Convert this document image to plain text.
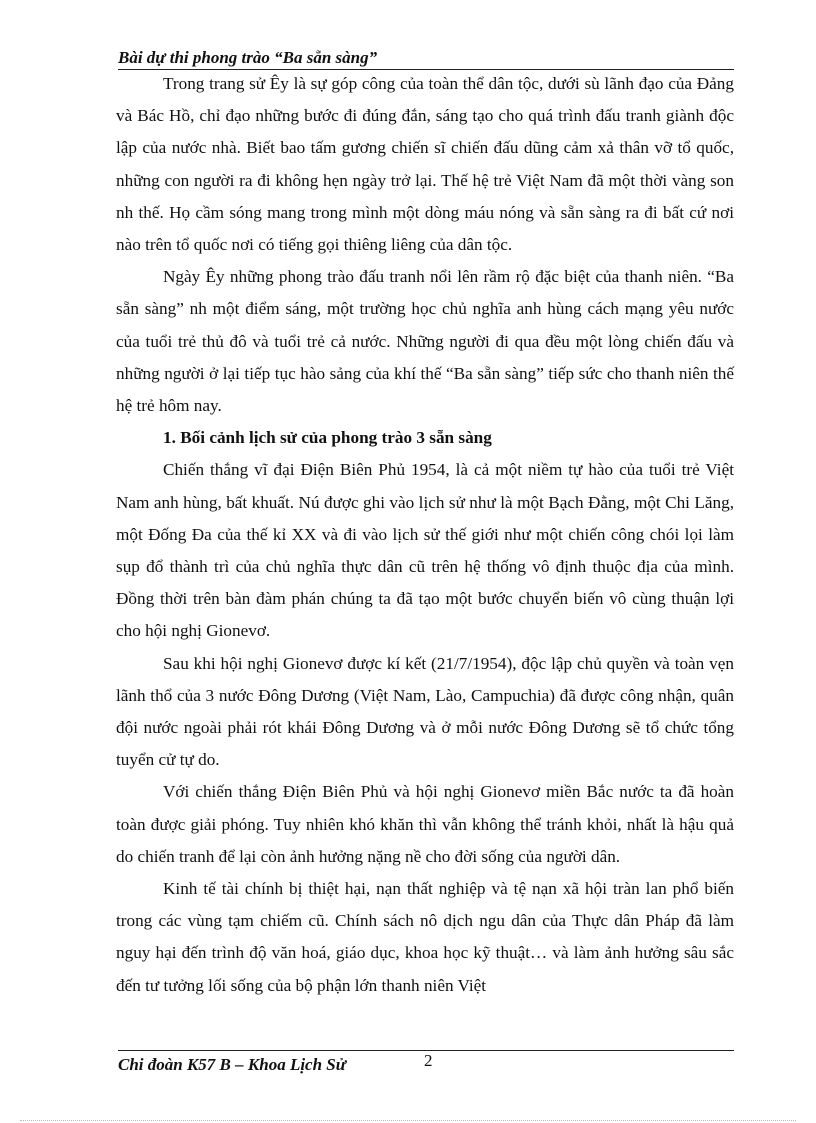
Bài dự thi phong trào “Ba sẵn sàng”

Trong trang sử Êy là sự góp công của toàn thể dân tộc, dưới sù lãnh đạo của Đảng và Bác Hồ, chỉ đạo những bước đi đúng đắn, sáng tạo cho quá trình đấu tranh giành độc lập của nước nhà. Biết bao tấm gương chiến sĩ chiến đấu dũng cảm xả thân vỡ tổ quốc, những con người ra đi không hẹn ngày trở lại. Thế hệ trẻ Việt Nam đã một thời vàng son nh thế. Họ cầm sóng mang trong mình một dòng máu nóng và sẵn sàng ra đi bất cứ nơi nào trên tổ quốc nơi có tiếng gọi thiêng liêng của dân tộc.

Ngày Êy những phong trào đấu tranh nổi lên rầm rộ đặc biệt của thanh niên. “Ba sẵn sàng” nh một điểm sáng, một trường học chủ nghĩa anh hùng cách mạng yêu nước của tuổi trẻ thủ đô và tuổi trẻ cả nước. Những người đi qua đều một lòng chiến đấu và những người ở lại tiếp tục hào sảng của khí thế “Ba sẵn sàng” tiếp sức cho thanh niên thế hệ trẻ hôm nay.

1. Bối cảnh lịch sử của phong trào 3 sẵn sàng

Chiến thắng vĩ đại Điện Biên Phủ 1954, là cả một niềm tự hào của tuổi trẻ Việt Nam anh hùng, bất khuất. Nú được ghi vào lịch sử như là một Bạch Đằng, một Chi Lăng, một Đống Đa của thế kỉ XX và đi vào lịch sử thế giới như một chiến công chói lọi làm sụp đổ thành trì của chủ nghĩa thực dân cũ trên hệ thống vô định thuộc địa của mình. Đồng thời trên bàn đàm phán chúng ta đã tạo một bước chuyển biến vô cùng thuận lợi cho hội nghị Gionevơ.

Sau khi hội nghị Gionevơ được kí kết (21/7/1954), độc lập chủ quyền và toàn vẹn lãnh thổ của 3 nước Đông Dương (Việt Nam, Lào, Campuchia) đã được công nhận, quân đội nước ngoài phải rót khái Đông Dương và ở mỗi nước Đông Dương sẽ tổ chức tổng tuyển cử tự do.

Với chiến thắng Điện Biên Phủ và hội nghị Gionevơ miền Bắc nước ta đã hoàn toàn được giải phóng. Tuy nhiên khó khăn thì vẫn không thể tránh khỏi, nhất là hậu quả do chiến tranh để lại còn ảnh hưởng nặng nề cho đời sống của người dân.

Kinh tế tài chính bị thiệt hại, nạn thất nghiệp và tệ nạn xã hội tràn lan phổ biến trong các vùng tạm chiếm cũ. Chính sách nô dịch ngu dân của Thực dân Pháp đã làm nguy hại đến trình độ văn hoá, giáo dục, khoa học kỹ thuật… và làm ảnh hưởng sâu sắc đến tư tưởng lối sống của bộ phận lớn thanh niên Việt

Chi đoàn K57 B – Khoa Lịch Sử	2
